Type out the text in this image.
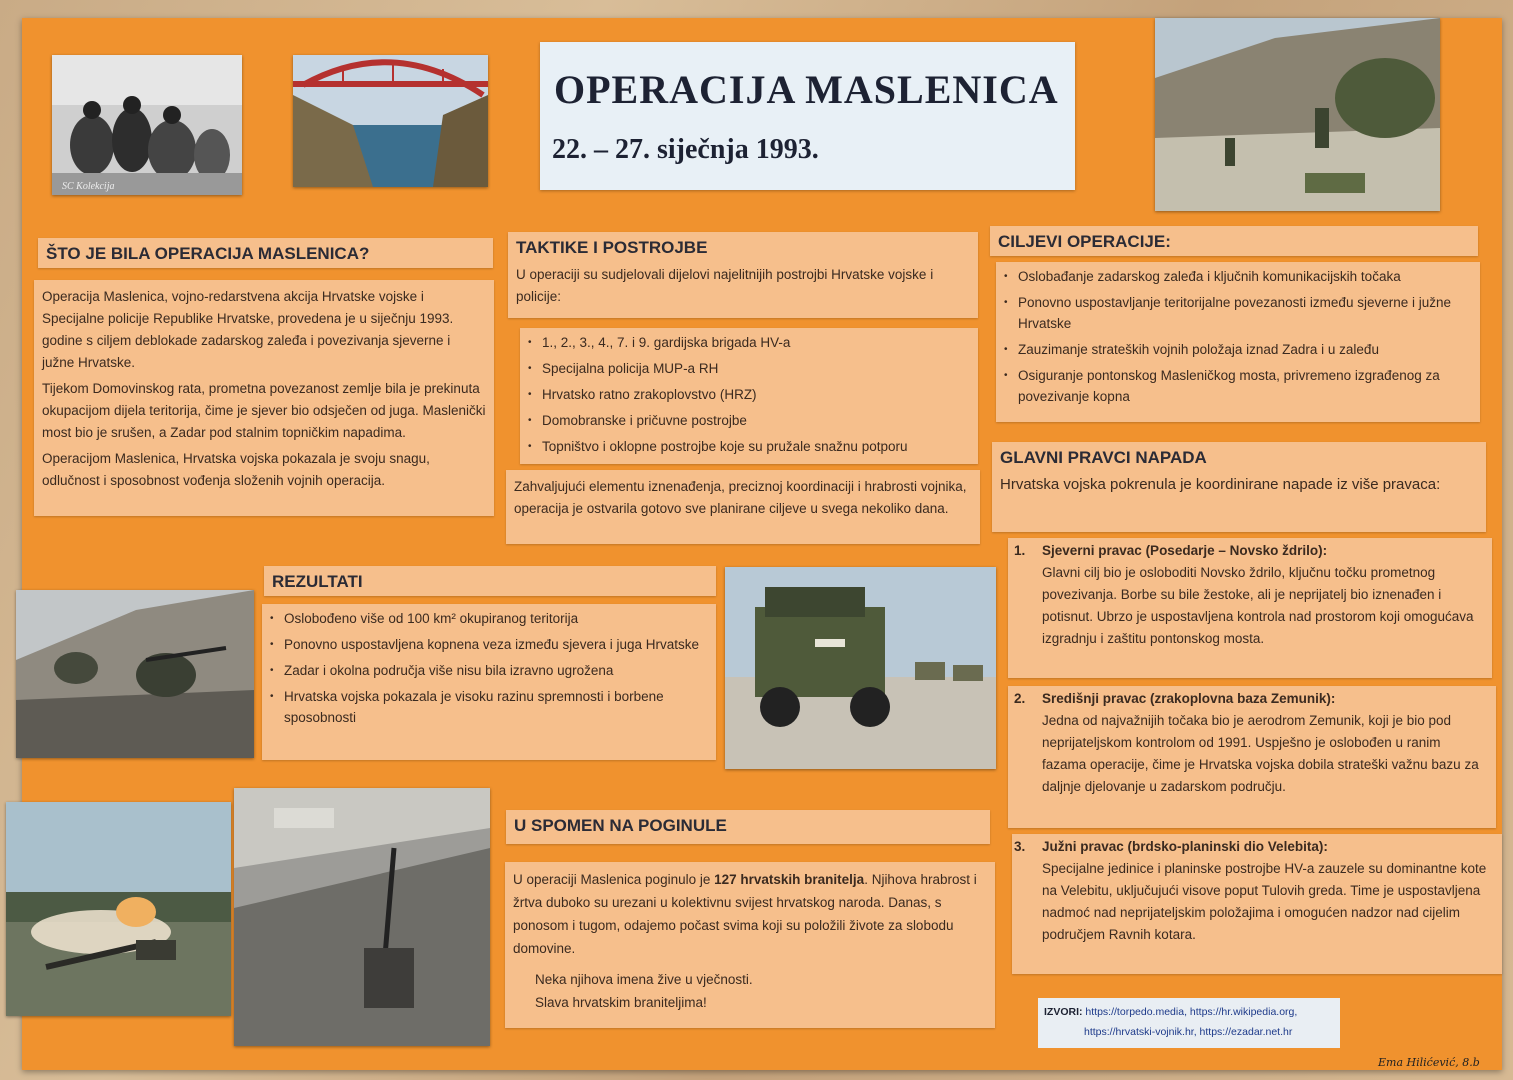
SC Kolekcija
OPERACIJA MASLENICA
22. – 27. siječnja 1993.
ŠTO JE BILA OPERACIJA MASLENICA?

Operacija Maslenica, vojno-redarstvena akcija Hrvatske vojske i Specijalne policije Republike Hrvatske, provedena je u siječnju 1993. godine s ciljem deblokade zadarskog zaleđa i povezivanja sjeverne i južne Hrvatske.

Tijekom Domovinskog rata, prometna povezanost zemlje bila je prekinuta okupacijom dijela teritorija, čime je sjever bio odsječen od juga. Maslenički most bio je srušen, a Zadar pod stalnim topničkim napadima.

Operacijom Maslenica, Hrvatska vojska pokazala je svoju snagu, odlučnost i sposobnost vođenja složenih vojnih operacija.

TAKTIKE I POSTROJBE
U operaciji su sudjelovali dijelovi najelitnijih postrojbi Hrvatske vojske i policije:
• 1., 2., 3., 4., 7. i 9. gardijska brigada HV-a
• Specijalna policija MUP-a RH
• Hrvatsko ratno zrakoplovstvo (HRZ)
• Domobranske i pričuvne postrojbe
• Topništvo i oklopne postrojbe koje su pružale snažnu potporu
Zahvaljujući elementu iznenađenja, preciznoj koordinaciji i hrabrosti vojnika, operacija je ostvarila gotovo sve planirane ciljeve u svega nekoliko dana.
CILJEVI OPERACIJE:
• Oslobađanje zadarskog zaleđa i ključnih komunikacijskih točaka
• Ponovno uspostavljanje teritorijalne povezanosti između sjeverne i južne Hrvatske
• Zauzimanje strateških vojnih položaja iznad Zadra i u zaleđu
• Osiguranje pontonskog Masleničkog mosta, privremeno izgrađenog za povezivanje kopna
GLAVNI PRAVCI NAPADA
Hrvatska vojska pokrenula je koordinirane napade iz više pravaca:
1. Sjeverni pravac (Posedarje – Novsko ždrilo):
Glavni cilj bio je osloboditi Novsko ždrilo, ključnu točku prometnog povezivanja. Borbe su bile žestoke, ali je neprijatelj bio iznenađen i potisnut. Ubrzo je uspostavljena kontrola nad prostorom koji omogućava izgradnju i zaštitu pontonskog mosta.
2. Središnji pravac (zrakoplovna baza Zemunik):
Jedna od najvažnijih točaka bio je aerodrom Zemunik, koji je bio pod neprijateljskom kontrolom od 1991. Uspješno je oslobođen u ranim fazama operacije, čime je Hrvatska vojska dobila strateški važnu bazu za daljnje djelovanje u zadarskom području.
3. Južni pravac (brdsko-planinski dio Velebita):
Specijalne jedinice i planinske postrojbe HV-a zauzele su dominantne kote na Velebitu, uključujući visove poput Tulovih greda. Time je uspostavljena nadmoć nad neprijateljskim položajima i omogućen nadzor nad cijelim područjem Ravnih kotara.
REZULTATI
• Oslobođeno više od 100 km² okupiranog teritorija
• Ponovno uspostavljena kopnena veza između sjevera i juga Hrvatske
• Zadar i okolna područja više nisu bila izravno ugrožena
• Hrvatska vojska pokazala je visoku razinu spremnosti i borbene sposobnosti
U SPOMEN NA POGINULE

U operaciji Maslenica poginulo je 127 hrvatskih branitelja. Njihova hrabrost i žrtva duboko su urezani u kolektivnu svijest hrvatskog naroda. Danas, s ponosom i tugom, odajemo počast svima koji su položili živote za slobodu domovine.

Neka njihova imena žive u vječnosti.
Slava hrvatskim braniteljima!

IZVORI: https://torpedo.media, https://hr.wikipedia.org,
https://hrvatski-vojnik.hr, https://ezadar.net.hr
Ema Hilićević, 8.b
